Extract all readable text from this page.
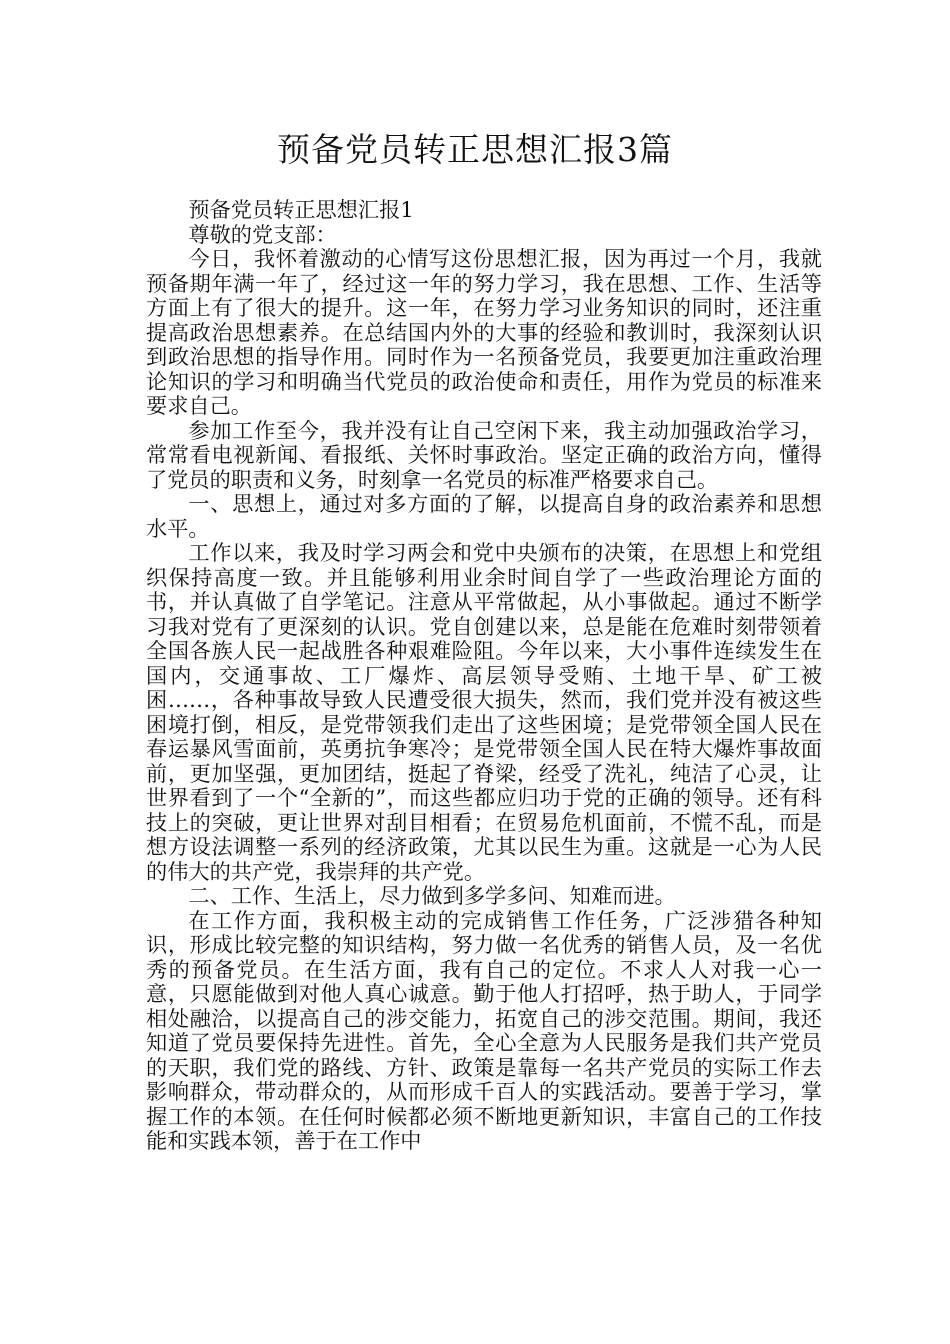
预备党员转正思想汇报3篇

预备党员转正思想汇报1

尊敬的党支部：

今日，我怀着激动的心情写这份思想汇报，因为再过一个月，我就预备期年满一年了，经过这一年的努力学习，我在思想、工作、生活等方面上有了很大的提升。这一年，在努力学习业务知识的同时，还注重提高政治思想素养。在总结国内外的大事的经验和教训时，我深刻认识到政治思想的指导作用。同时作为一名预备党员，我要更加注重政治理论知识的学习和明确当代党员的政治使命和责任，用作为党员的标准来要求自己。

参加工作至今，我并没有让自己空闲下来，我主动加强政治学习，常常看电视新闻、看报纸、关怀时事政治。坚定正确的政治方向，懂得了党员的职责和义务，时刻拿一名党员的标准严格要求自己。

一、思想上，通过对多方面的了解，以提高自身的政治素养和思想水平。

工作以来，我及时学习两会和党中央颁布的决策，在思想上和党组织保持高度一致。并且能够利用业余时间自学了一些政治理论方面的书，并认真做了自学笔记。注意从平常做起，从小事做起。通过不断学习我对党有了更深刻的认识。党自创建以来，总是能在危难时刻带领着全国各族人民一起战胜各种艰难险阻。今年以来，大小事件连续发生在国内，交通事故、工厂爆炸、高层领导受贿、土地干旱、矿工被困……，各种事故导致人民遭受很大损失，然而，我们党并没有被这些困境打倒，相反，是党带领我们走出了这些困境；是党带领全国人民在春运暴风雪面前，英勇抗争寒冷；是党带领全国人民在特大爆炸事故面前，更加坚强，更加团结，挺起了脊梁，经受了洗礼，纯洁了心灵，让世界看到了一个“全新的”，而这些都应归功于党的正确的领导。还有科技上的突破，更让世界对刮目相看；在贸易危机面前，不慌不乱，而是想方设法调整一系列的经济政策，尤其以民生为重。这就是一心为人民的伟大的共产党，我崇拜的共产党。

二、工作、生活上，尽力做到多学多问、知难而进。

在工作方面，我积极主动的完成销售工作任务，广泛涉猎各种知识，形成比较完整的知识结构，努力做一名优秀的销售人员，及一名优秀的预备党员。在生活方面，我有自己的定位。不求人人对我一心一意，只愿能做到对他人真心诚意。勤于他人打招呼，热于助人，于同学相处融洽，以提高自己的涉交能力，拓宽自己的涉交范围。期间，我还知道了党员要保持先进性。首先，全心全意为人民服务是我们共产党员的天职，我们党的路线、方针、政策是靠每一名共产党员的实际工作去影响群众，带动群众的，从而形成千百人的实践活动。要善于学习，掌握工作的本领。在任何时候都必须不断地更新知识，丰富自己的工作技能和实践本领，善于在工作中
